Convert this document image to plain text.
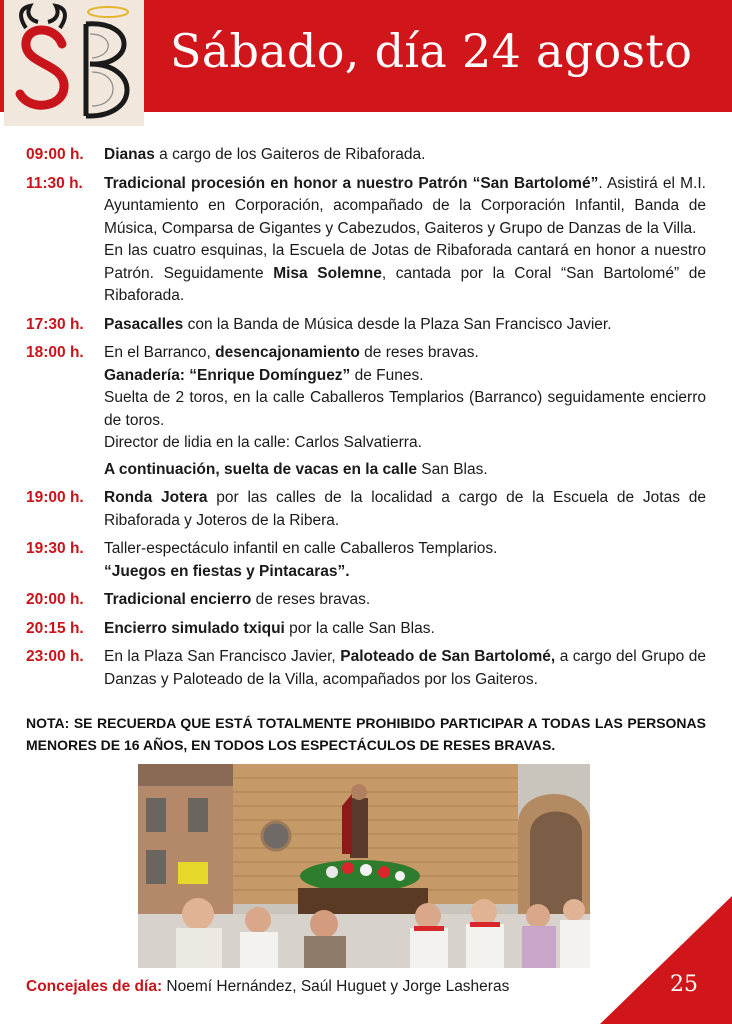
Sábado, día 24 agosto
09:00 h.	Dianas a cargo de los Gaiteros de Ribaforada.

11:30 h.	Tradicional procesión en honor a nuestro Patrón “San Bartolomé”. Asistirá el M.I. Ayuntamiento en Corporación, acompañado de la Corporación Infantil, Banda de Música, Comparsa de Gigantes y Cabezudos, Gaiteros y Grupo de Danzas de la Villa.

En las cuatro esquinas, la Escuela de Jotas de Ribaforada cantará en honor a nuestro Patrón. Seguidamente Misa Solemne, cantada por la Coral “San Bartolomé” de Ribaforada.

17:30 h.	Pasacalles con la Banda de Música desde la Plaza San Francisco Javier.

18:00 h.	En el Barranco, desencajonamiento de reses bravas.

Ganadería: “Enrique Domínguez” de Funes.

Suelta de 2 toros, en la calle Caballeros Templarios (Barranco) seguidamente encierro de toros.

Director de lidia en la calle: Carlos Salvatierra.

A continuación, suelta de vacas en la calle San Blas.

19:00 h.	Ronda Jotera por las calles de la localidad a cargo de la Escuela de Jotas de Ribaforada y Joteros de la Ribera.

19:30 h.	Taller-espectáculo infantil en calle Caballeros Templarios.

“Juegos en fiestas y Pintacaras”.

20:00 h.	Tradicional encierro de reses bravas.

20:15 h.	Encierro simulado txiqui por la calle San Blas.

23:00 h.	En la Plaza San Francisco Javier, Paloteado de San Bartolomé, a cargo del Grupo de Danzas y Paloteado de la Villa, acompañados por los Gaiteros.

NOTA: SE RECUERDA QUE ESTÁ TOTALMENTE PROHIBIDO PARTICIPAR A TODAS LAS PERSONAS MENORES DE 16 AÑOS, EN TODOS LOS ESPECTÁCULOS DE RESES BRAVAS.
Concejales de día: Noemí Hernández, Saúl Huguet y Jorge Lasheras	25
